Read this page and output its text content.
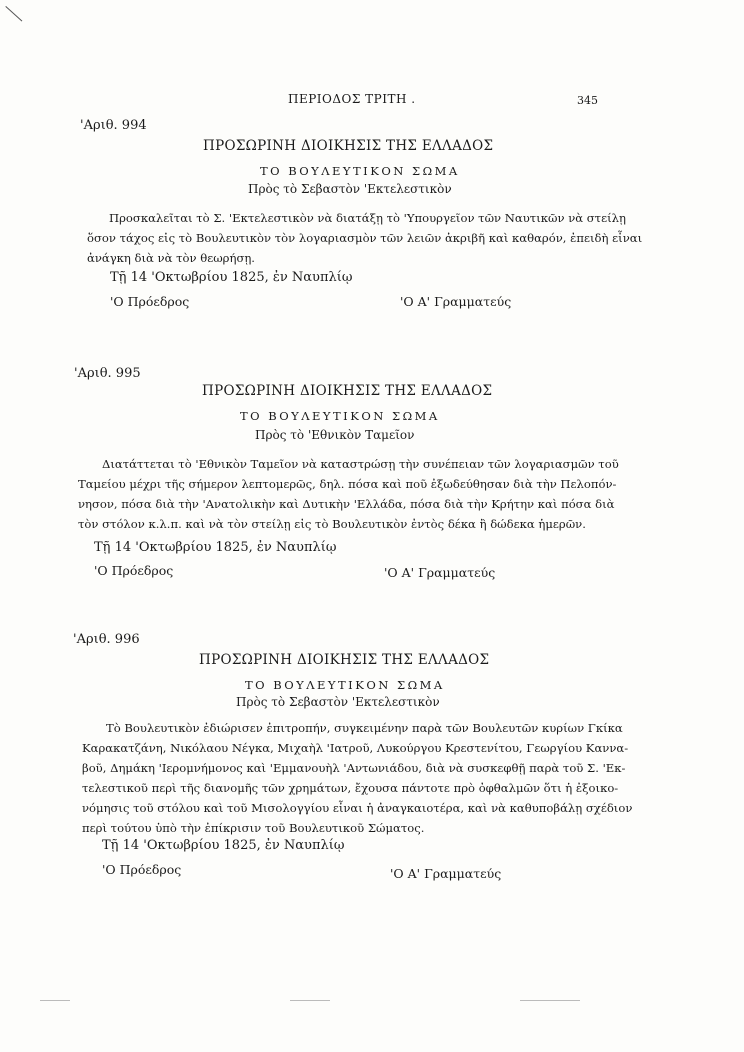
ΠΕΡΙΟΔΟΣ ΤΡΙΤΗ .	345
'Αριθ. 994
ΠΡΟΣΩΡΙΝΗ ΔΙΟΙΚΗΣΙΣ ΤΗΣ ΕΛΛΑΔΟΣ
ΤΟ ΒΟΥΛΕΥΤΙΚΟΝ ΣΩΜΑ
Πρὸς τὸ Σεβαστὸν 'Εκτελεστικὸν
Προσκαλεῖται τὸ Σ. 'Εκτελεστικὸν νὰ διατάξῃ τὸ 'Υπουργεῖον τῶν Ναυτικῶν νὰ στείλῃ
ὅσον τάχος εἰς τὸ Βουλευτικὸν τὸν λογαριασμὸν τῶν λειῶν ἀκριβῆ καὶ καθαρόν, ἐπειδὴ εἶναι
ἀνάγκη διὰ νὰ τὸν θεωρήσῃ.
Τῇ 14 'Οκτωβρίου 1825, ἐν Ναυπλίῳ
'Ο Πρόεδρος	'Ο Α' Γραμματεύς
'Αριθ. 995
ΠΡΟΣΩΡΙΝΗ ΔΙΟΙΚΗΣΙΣ ΤΗΣ ΕΛΛΑΔΟΣ
ΤΟ ΒΟΥΛΕΥΤΙΚΟΝ ΣΩΜΑ
Πρὸς τὸ 'Εθνικὸν Ταμεῖον
Διατάττεται τὸ 'Εθνικὸν Ταμεῖον νὰ καταστρώσῃ τὴν συνέπειαν τῶν λογαριασμῶν τοῦ
Ταμείου μέχρι τῆς σήμερον λεπτομερῶς, δηλ. πόσα καὶ ποῦ ἐξωδεύθησαν διὰ τὴν Πελοπόν-
νησον, πόσα διὰ τὴν 'Ανατολικὴν καὶ Δυτικὴν 'Ελλάδα, πόσα διὰ τὴν Κρήτην καὶ πόσα διὰ
τὸν στόλον κ.λ.π. καὶ νὰ τὸν στείλῃ εἰς τὸ Βουλευτικὸν ἐντὸς δέκα ἢ δώδεκα ἡμερῶν.
Τῇ 14 'Οκτωβρίου 1825, ἐν Ναυπλίῳ
'Ο Πρόεδρος	'Ο Α' Γραμματεύς
'Αριθ. 996
ΠΡΟΣΩΡΙΝΗ ΔΙΟΙΚΗΣΙΣ ΤΗΣ ΕΛΛΑΔΟΣ
ΤΟ ΒΟΥΛΕΥΤΙΚΟΝ ΣΩΜΑ
Πρὸς τὸ Σεβαστὸν 'Εκτελεστικὸν
Τὸ Βουλευτικὸν ἐδιώρισεν ἐπιτροπήν, συγκειμένην παρὰ τῶν Βουλευτῶν κυρίων Γκίκα
Καρακατζάνη, Νικόλαου Νέγκα, Μιχαὴλ 'Ιατροῦ, Λυκούργου Κρεστενίτου, Γεωργίου Καννα-
βοῦ, Δημάκη 'Ιερομνήμονος καὶ 'Εμμανουὴλ 'Αντωνιάδου, διὰ νὰ συσκεφθῇ παρὰ τοῦ Σ. 'Εκ-
τελεστικοῦ περὶ τῆς διανομῆς τῶν χρημάτων, ἔχουσα πάντοτε πρὸ ὀφθαλμῶν ὅτι ἡ ἐξοικο-
νόμησις τοῦ στόλου καὶ τοῦ Μισολογγίου εἶναι ἡ ἀναγκαιοτέρα, καὶ νὰ καθυποβάλῃ σχέδιον
περὶ τούτου ὑπὸ τὴν ἐπίκρισιν τοῦ Βουλευτικοῦ Σώματος.
Τῇ 14 'Οκτωβρίου 1825, ἐν Ναυπλίῳ
'Ο Πρόεδρος	'Ο Α' Γραμματεύς
